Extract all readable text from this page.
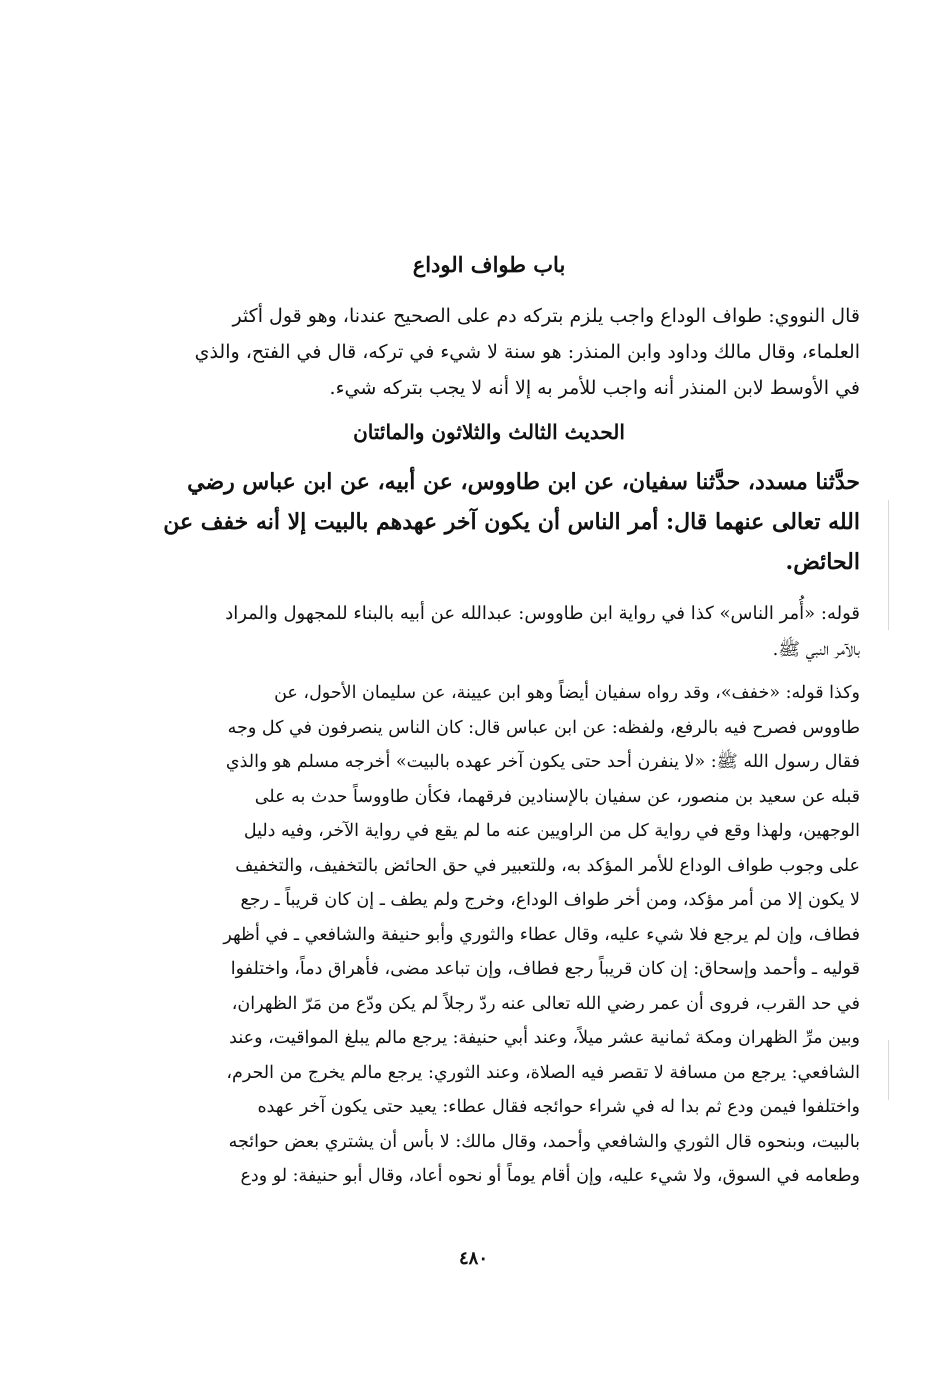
باب طواف الوداع
قال النووي: طواف الوداع واجب يلزم بتركه دم على الصحيح عندنا، وهو قول أكثر
العلماء، وقال مالك وداود وابن المنذر: هو سنة لا شيء في تركه، قال في الفتح، والذي
في الأوسط لابن المنذر أنه واجب للأمر به إلا أنه لا يجب بتركه شيء.
الحديث الثالث والثلاثون والمائتان
حدَّثنا مسدد، حدَّثنا سفيان، عن ابن طاووس، عن أبيه، عن ابن عباس رضي
الله تعالى عنهما قال: أمر الناس أن يكون آخر عهدهم بالبيت إلا أنه خفف عن
الحائض.
قوله: «أُمر الناس» كذا في رواية ابن طاووس: عبدالله عن أبيه بالبناء للمجهول والمراد
بالآمر النبي ﷺ.
وكذا قوله: «خفف»، وقد رواه سفيان أيضاً وهو ابن عيينة، عن سليمان الأحول، عن
طاووس فصرح فيه بالرفع، ولفظه: عن ابن عباس قال: كان الناس ينصرفون في كل وجه
فقال رسول الله ﷺ: «لا ينفرن أحد حتى يكون آخر عهده بالبيت» أخرجه مسلم هو والذي
قبله عن سعيد بن منصور، عن سفيان بالإسنادين فرقهما، فكأن طاووساً حدث به على
الوجهين، ولهذا وقع في رواية كل من الراويين عنه ما لم يقع في رواية الآخر، وفيه دليل
على وجوب طواف الوداع للأمر المؤكد به، وللتعبير في حق الحائض بالتخفيف، والتخفيف
لا يكون إلا من أمر مؤكد، ومن أخر طواف الوداع، وخرج ولم يطف ـ إن كان قريباً ـ رجع
فطاف، وإن لم يرجع فلا شيء عليه، وقال عطاء والثوري وأبو حنيفة والشافعي ـ في أظهر
قوليه ـ وأحمد وإسحاق: إن كان قريباً رجع فطاف، وإن تباعد مضى، فأهراق دماً، واختلفوا
في حد القرب، فروى أن عمر رضي الله تعالى عنه ردّ رجلاً لم يكن ودّع من مَرّ الظهران،
وبين مرِّ الظهران ومكة ثمانية عشر ميلاً، وعند أبي حنيفة: يرجع مالم يبلغ المواقيت، وعند
الشافعي: يرجع من مسافة لا تقصر فيه الصلاة، وعند الثوري: يرجع مالم يخرج من الحرم،
واختلفوا فيمن ودع ثم بدا له في شراء حوائجه فقال عطاء: يعيد حتى يكون آخر عهده
بالبيت، وبنحوه قال الثوري والشافعي وأحمد، وقال مالك: لا بأس أن يشتري بعض حوائجه
وطعامه في السوق، ولا شيء عليه، وإن أقام يوماً أو نحوه أعاد، وقال أبو حنيفة: لو ودع
٤٨٠
